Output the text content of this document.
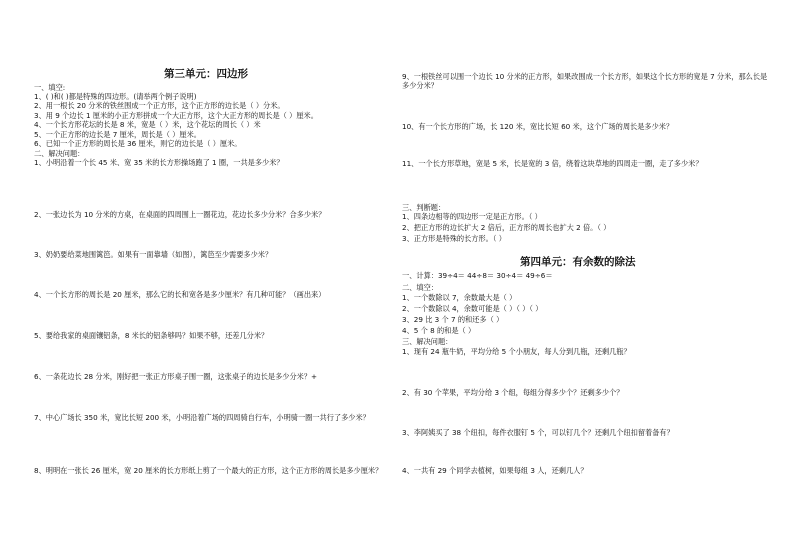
第三单元：四边形
一、填空:
1、( )和( )都是特殊的四边形。(请举两个例子说明)
2、用一根长 20 分米的铁丝围成一个正方形，这个正方形的边长是（ ）分米。
3、用 9 个边长 1 厘米的小正方形拼成一个大正方形，这个大正方形的周长是（ ）厘米。
4、一个长方形花坛的长是 8 米，宽是（ ）米，这个花坛的周长（ ）米
5、一个正方形的边长是 7 厘米，周长是（ ）厘米。
6、已知一个正方形的周长是 36 厘米，则它的边长是（ ）厘米。
二、解决问题：
1、小明沿着一个长 45 米、宽 35 米的长方形操场跑了 1 圈，一共是多少米？
2、一张边长为 10 分米的方桌，在桌面的四周围上一圈花边，花边长多少分米？合多少米？
3、奶奶要给菜地围篱笆。如果有一面靠墙（如图），篱笆至少需要多少米？
4、一个长方形的周长是 20 厘米，那么它的长和宽各是多少厘米？有几种可能？（画出来）
5、要给我家的桌面镶铝条，8 米长的铝条够吗？如果不够，还差几分米？
6、一条花边长 28 分米，刚好把一张正方形桌子围一圈，这张桌子的边长是多少分米？+
7、中心广场长 350 米，宽比长短 200 米，小明沿着广场的四周骑自行车，小明骑一圈一共行了多少米？
8、明明在一张长 26 厘米，宽 20 厘米的长方形纸上剪了一个最大的正方形，这个正方形的周长是多少厘米？
9、一根铁丝可以围一个边长 10 分米的正方形，如果改围成一个长方形，如果这个长方形的宽是 7 分米，那么长是多少分米？
10、有一个长方形的广场，长 120 米，宽比长短 60 米，这个广场的周长是多少米？
11、一个长方形草地，宽是 5 米，长是宽的 3 倍，绕着这块草地的四周走一圈，走了多少米？
三、判断题：
1、四条边相等的四边形一定是正方形。（ ）
2、把正方形的边长扩大 2 倍后，正方形的周长也扩大 2 倍。（ ）
3、正方形是特殊的长方形。（ ）
第四单元：有余数的除法
一、计算：39÷4＝ 44÷8＝ 30÷4＝ 49÷6＝
二、填空：
1、一个数除以 7，余数最大是（ ）
2、一个数除以 4，余数可能是（ ）（ ）（ ）
3、29 比 3 个 7 的和还多（ ）
4、5 个 8 的和是（ ）
三、解决问题：
1、现有 24 瓶牛奶，平均分给 5 个小朋友，每人分到几瓶，还剩几瓶？
2、有 30 个苹果，平均分给 3 个组，每组分得多少个？还剩多少个？
3、李阿姨买了 38 个纽扣，每件衣服钉 5 个，可以钉几个？还剩几个纽扣留着备有？
4、一共有 29 个同学去植树，如果每组 3 人，还剩几人？
